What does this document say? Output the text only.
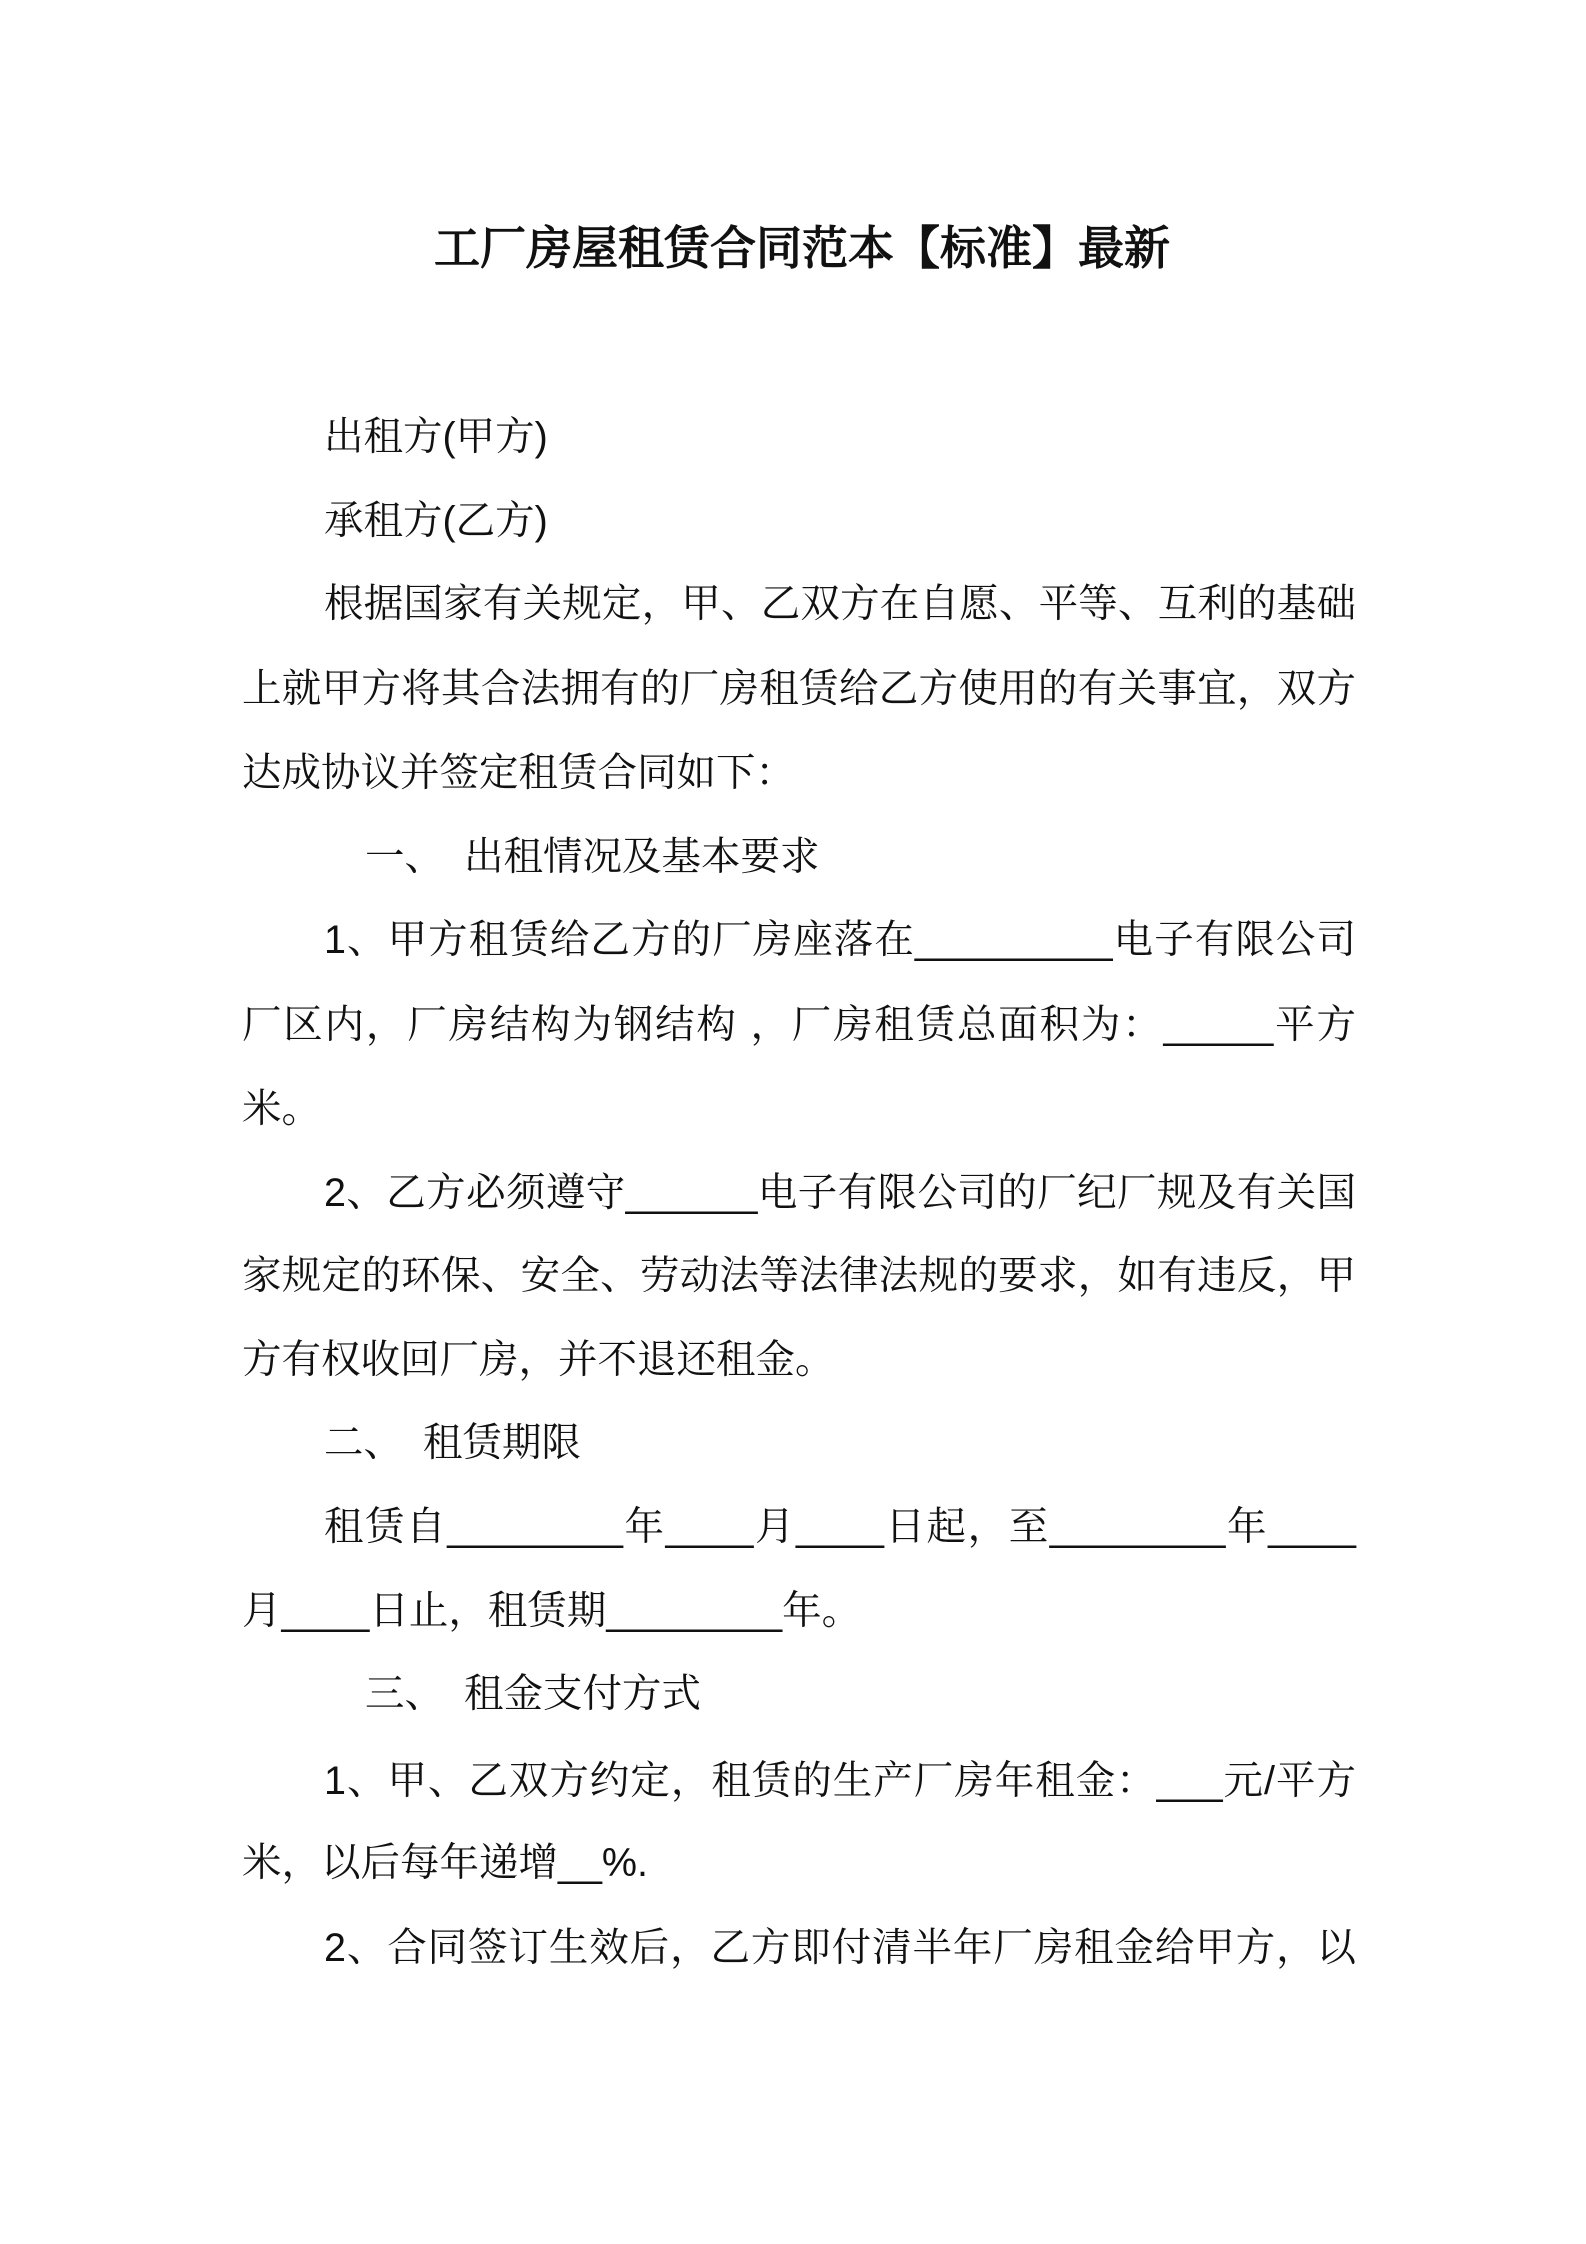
工厂房屋租赁合同范本【标准】最新
出租方(甲方)
承租方(乙方)
根据国家有关规定，甲、乙双方在自愿、平等、互利的基础
上就甲方将其合法拥有的厂房租赁给乙方使用的有关事宜，双方
达成协议并签定租赁合同如下：
一、 出租情况及基本要求
1、甲方租赁给乙方的厂房座落在_________电子有限公司
厂区内，厂房结构为钢结构 ，厂房租赁总面积为：_____平方
米。
2、乙方必须遵守______电子有限公司的厂纪厂规及有关国
家规定的环保、安全、劳动法等法律法规的要求，如有违反，甲
方有权收回厂房，并不退还租金。
二、 租赁期限
租赁自________年____月____日起，至________年____
月____日止，租赁期________年。
三、 租金支付方式
1、甲、乙双方约定，租赁的生产厂房年租金：___元/平方
米，以后每年递增__%.
2、合同签订生效后，乙方即付清半年厂房租金给甲方，以
